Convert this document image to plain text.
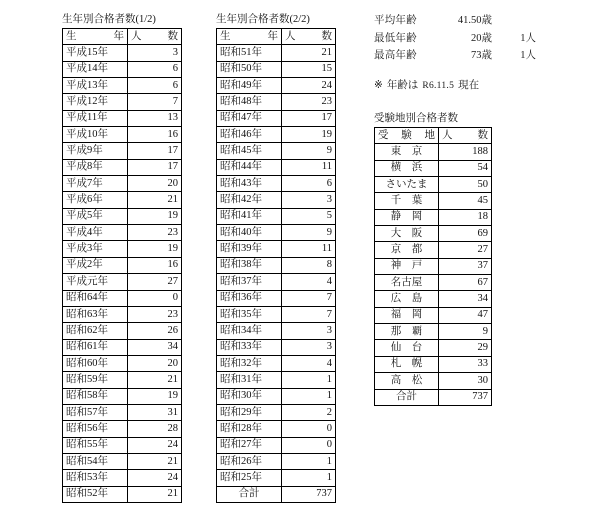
生年別合格者数(1/2)
生　　年	人　　数
平成15年	3
平成14年	6
平成13年	6
平成12年	7
平成11年	13
平成10年	16
平成9年	17
平成8年	17
平成7年	20
平成6年	21
平成5年	19
平成4年	23
平成3年	19
平成2年	16
平成元年	27
昭和64年	0
昭和63年	23
昭和62年	26
昭和61年	34
昭和60年	20
昭和59年	21
昭和58年	19
昭和57年	31
昭和56年	28
昭和55年	24
昭和54年	21
昭和53年	24
昭和52年	21
生年別合格者数(2/2)
生　　年	人　　数
昭和51年	21
昭和50年	15
昭和49年	24
昭和48年	23
昭和47年	17
昭和46年	19
昭和45年	9
昭和44年	11
昭和43年	6
昭和42年	3
昭和41年	5
昭和40年	9
昭和39年	11
昭和38年	8
昭和37年	4
昭和36年	7
昭和35年	7
昭和34年	3
昭和33年	3
昭和32年	4
昭和31年	1
昭和30年	1
昭和29年	2
昭和28年	0
昭和27年	0
昭和26年	1
昭和25年	1
合計	737
平均年齢	41.50歳
最低年齢	20歳	1人
最高年齢	73歳	1人
※ 年齢は R6.11.5 現在
受験地別合格者数
受　験　地	人　　数
東　京	188
横　浜	54
さいたま	50
千　葉	45
静　岡	18
大　阪	69
京　都	27
神　戸	37
名古屋	67
広　島	34
福　岡	47
那　覇	9
仙　台	29
札　幌	33
高　松	30
合計	737
